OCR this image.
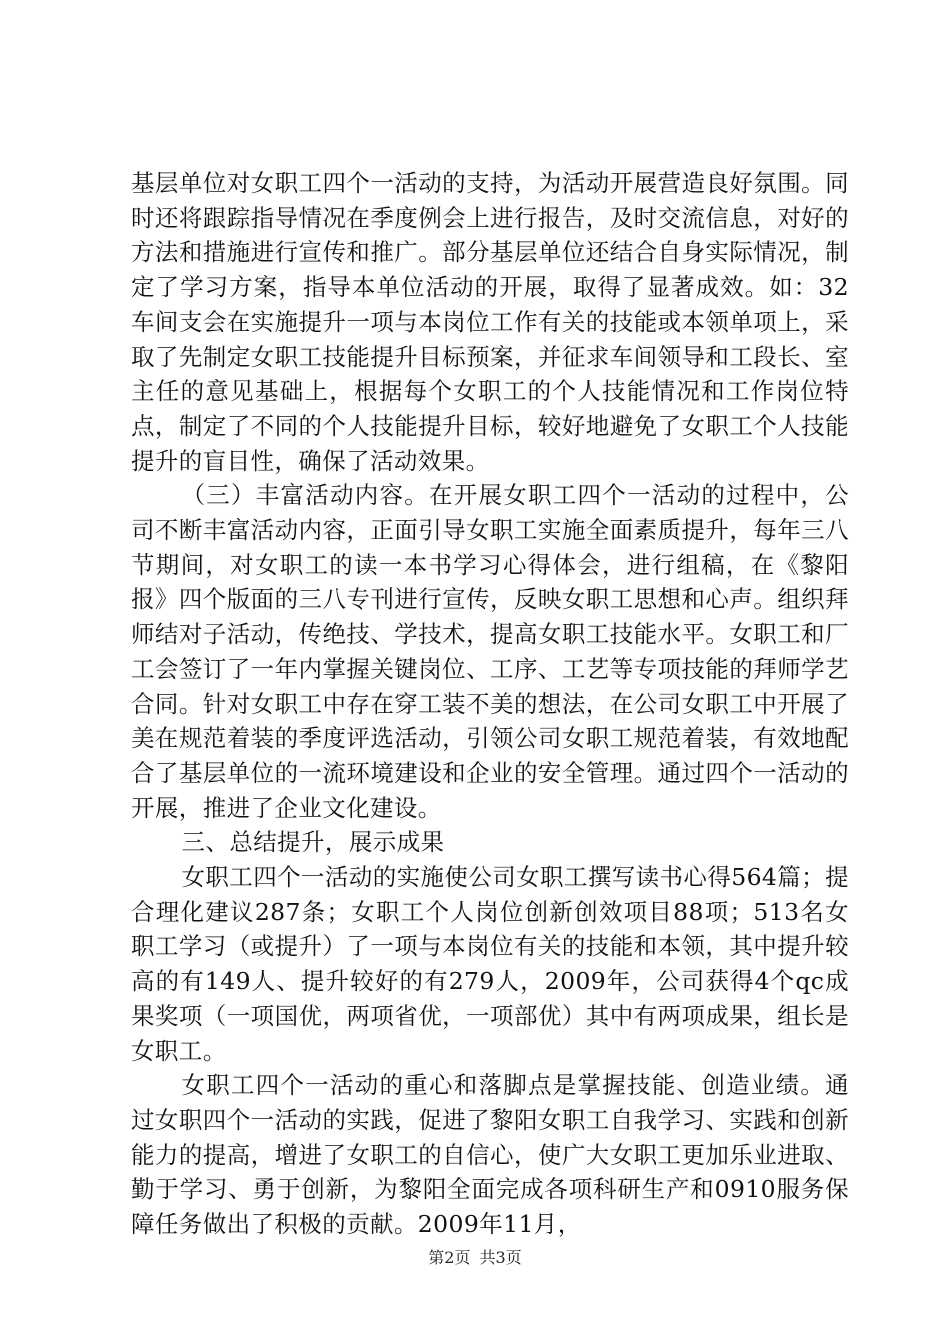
基层单位对女职工四个一活动的支持，为活动开展营造良好氛围。同时还将跟踪指导情况在季度例会上进行报告，及时交流信息，对好的方法和措施进行宣传和推广。部分基层单位还结合自身实际情况，制定了学习方案，指导本单位活动的开展，取得了显著成效。如：32车间支会在实施提升一项与本岗位工作有关的技能或本领单项上，采取了先制定女职工技能提升目标预案，并征求车间领导和工段长、室主任的意见基础上，根据每个女职工的个人技能情况和工作岗位特点，制定了不同的个人技能提升目标，较好地避免了女职工个人技能提升的盲目性，确保了活动效果。

（三）丰富活动内容。在开展女职工四个一活动的过程中，公司不断丰富活动内容，正面引导女职工实施全面素质提升，每年三八节期间，对女职工的读一本书学习心得体会，进行组稿，在《黎阳报》四个版面的三八专刊进行宣传，反映女职工思想和心声。组织拜师结对子活动，传绝技、学技术，提高女职工技能水平。女职工和厂工会签订了一年内掌握关键岗位、工序、工艺等专项技能的拜师学艺合同。针对女职工中存在穿工装不美的想法，在公司女职工中开展了美在规范着装的季度评选活动，引领公司女职工规范着装，有效地配合了基层单位的一流环境建设和企业的安全管理。通过四个一活动的开展，推进了企业文化建设。

三、总结提升，展示成果

女职工四个一活动的实施使公司女职工撰写读书心得564篇；提合理化建议287条；女职工个人岗位创新创效项目88项；513名女职工学习（或提升）了一项与本岗位有关的技能和本领，其中提升较高的有149人、提升较好的有279人，2009年，公司获得4个qc成果奖项（一项国优，两项省优，一项部优）其中有两项成果，组长是女职工。

女职工四个一活动的重心和落脚点是掌握技能、创造业绩。通过女职四个一活动的实践，促进了黎阳女职工自我学习、实践和创新能力的提高，增进了女职工的自信心，使广大女职工更加乐业进取、勤于学习、勇于创新，为黎阳全面完成各项科研生产和0910服务保障任务做出了积极的贡献。2009年11月，

第2页 共3页
